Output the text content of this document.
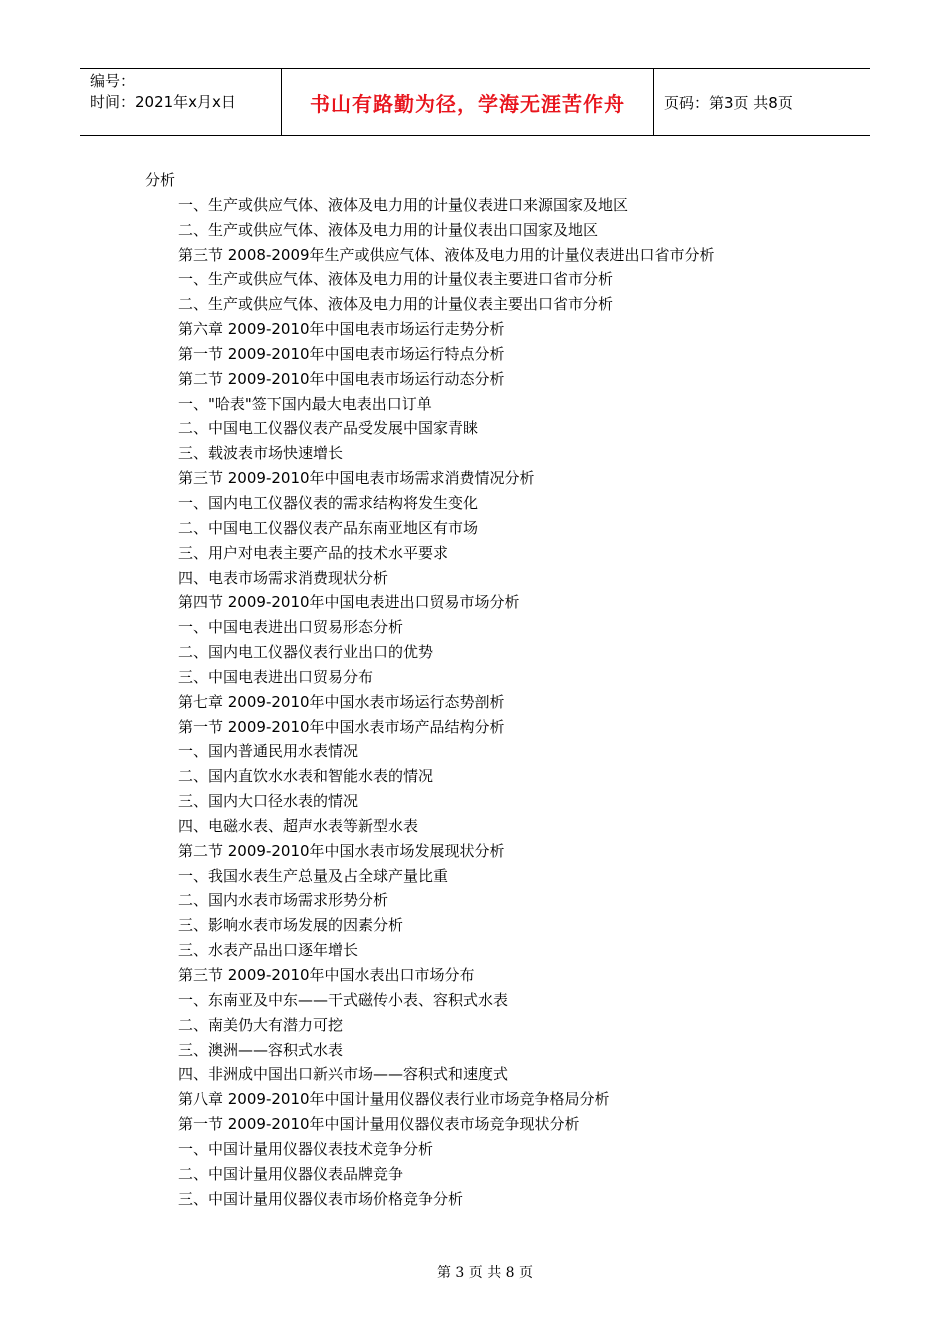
编号：
时间：2021年x月x日	书山有路勤为径，学海无涯苦作舟	页码：第3页 共8页
分析
一、生产或供应气体、液体及电力用的计量仪表进口来源国家及地区
二、生产或供应气体、液体及电力用的计量仪表出口国家及地区
第三节 2008-2009年生产或供应气体、液体及电力用的计量仪表进出口省市分析
一、生产或供应气体、液体及电力用的计量仪表主要进口省市分析
二、生产或供应气体、液体及电力用的计量仪表主要出口省市分析
第六章 2009-2010年中国电表市场运行走势分析
第一节 2009-2010年中国电表市场运行特点分析
第二节 2009-2010年中国电表市场运行动态分析
一、"哈表"签下国内最大电表出口订单
二、中国电工仪器仪表产品受发展中国家青睐
三、载波表市场快速增长
第三节 2009-2010年中国电表市场需求消费情况分析
一、国内电工仪器仪表的需求结构将发生变化
二、中国电工仪器仪表产品东南亚地区有市场
三、用户对电表主要产品的技术水平要求
四、电表市场需求消费现状分析
第四节 2009-2010年中国电表进出口贸易市场分析
一、中国电表进出口贸易形态分析
二、国内电工仪器仪表行业出口的优势
三、中国电表进出口贸易分布
第七章 2009-2010年中国水表市场运行态势剖析
第一节 2009-2010年中国水表市场产品结构分析
一、国内普通民用水表情况
二、国内直饮水水表和智能水表的情况
三、国内大口径水表的情况
四、电磁水表、超声水表等新型水表
第二节 2009-2010年中国水表市场发展现状分析
一、我国水表生产总量及占全球产量比重
二、国内水表市场需求形势分析
三、影响水表市场发展的因素分析
三、水表产品出口逐年增长
第三节 2009-2010年中国水表出口市场分布
一、东南亚及中东——干式磁传小表、容积式水表
二、南美仍大有潜力可挖
三、澳洲——容积式水表
四、非洲成中国出口新兴市场——容积式和速度式
第八章 2009-2010年中国计量用仪器仪表行业市场竞争格局分析
第一节 2009-2010年中国计量用仪器仪表市场竞争现状分析
一、中国计量用仪器仪表技术竞争分析
二、中国计量用仪器仪表品牌竞争
三、中国计量用仪器仪表市场价格竞争分析
第 3 页 共 8 页
